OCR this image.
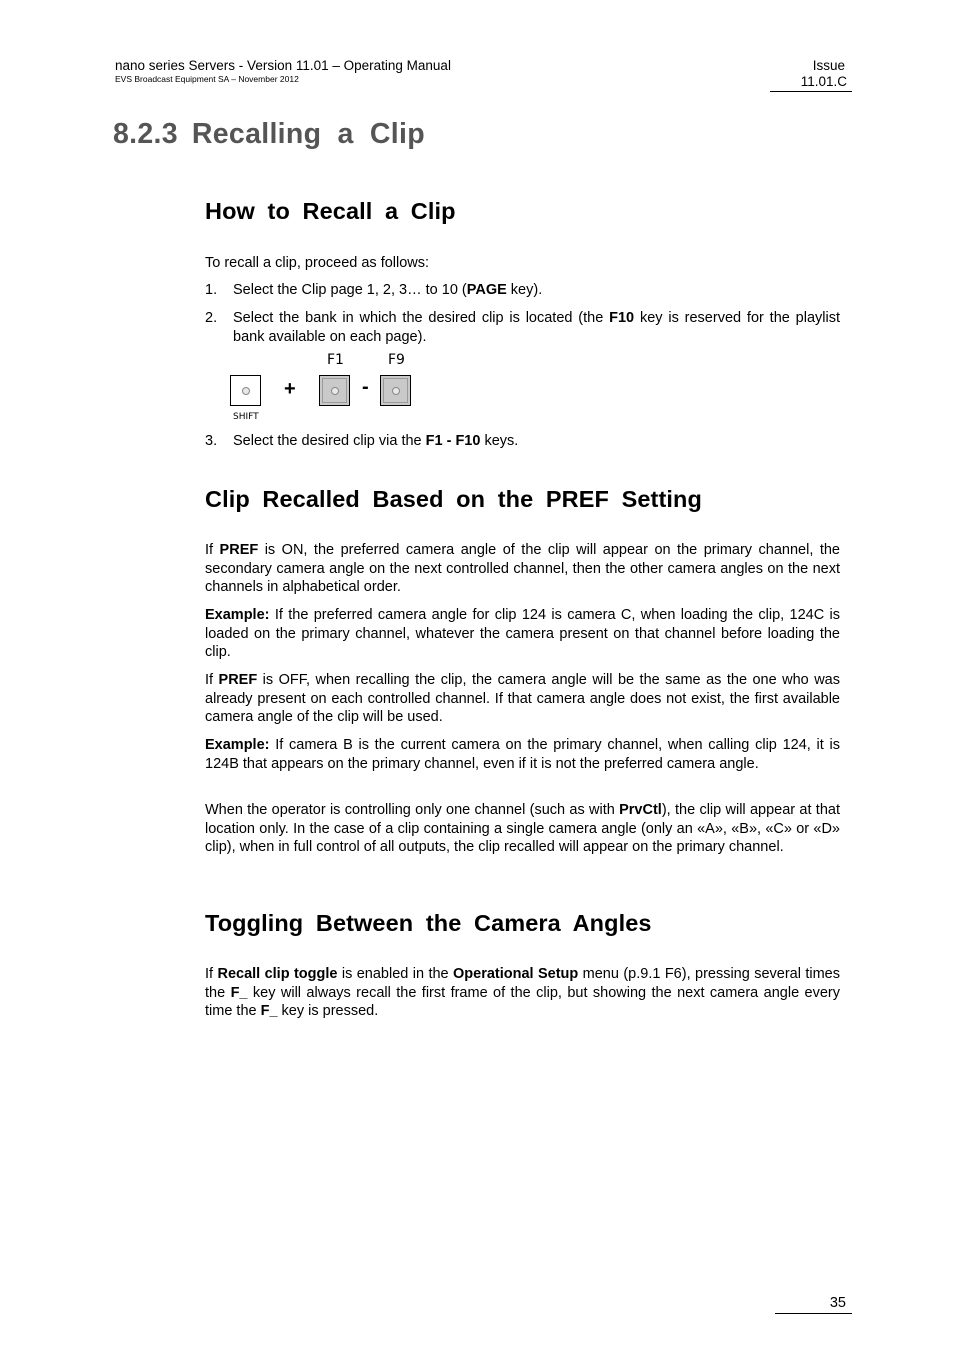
nano series Servers - Version 11.01 – Operating Manual
EVS Broadcast Equipment SA – November 2012
Issue
11.01.C
8.2.3 Recalling a Clip
How to Recall a Clip

To recall a clip, proceed as follows:

1. Select the Clip page 1, 2, 3… to 10 (PAGE key).
2. Select the bank in which the desired clip is located (the F10 key is reserved for the playlist bank available on each page).
SHIFT
+
F1
-
F9
3. Select the desired clip via the F1 - F10 keys.
Clip Recalled Based on the PREF Setting

If PREF is ON, the preferred camera angle of the clip will appear on the primary channel, the secondary camera angle on the next controlled channel, then the other camera angles on the next channels in alphabetical order.

Example: If the preferred camera angle for clip 124 is camera C, when loading the clip, 124C is loaded on the primary channel, whatever the camera present on that channel before loading the clip.

If PREF is OFF, when recalling the clip, the camera angle will be the same as the one who was already present on each controlled channel. If that camera angle does not exist, the first available camera angle of the clip will be used.

Example: If camera B is the current camera on the primary channel, when calling clip 124, it is 124B that appears on the primary channel, even if it is not the preferred camera angle.

When the operator is controlling only one channel (such as with PrvCtl), the clip will appear at that location only. In the case of a clip containing a single camera angle (only an «A», «B», «C» or «D» clip), when in full control of all outputs, the clip recalled will appear on the primary channel.

Toggling Between the Camera Angles

If Recall clip toggle is enabled in the Operational Setup menu (p.9.1 F6), pressing several times the F_ key will always recall the first frame of the clip, but showing the next camera angle every time the F_ key is pressed.

35
